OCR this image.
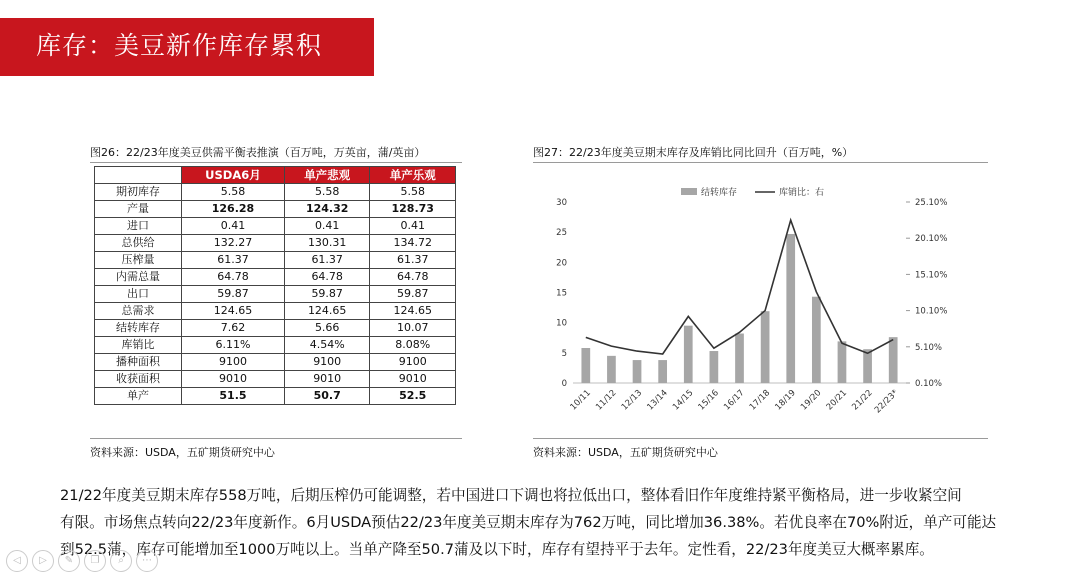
库存：美豆新作库存累积
图26：22/23年度美豆供需平衡表推演（百万吨，万英亩，蒲/英亩）
	USDA6月	单产悲观	单产乐观
期初库存	5.58	5.58	5.58
产量	126.28	124.32	128.73
进口	0.41	0.41	0.41
总供给	132.27	130.31	134.72
压榨量	61.37	61.37	61.37
内需总量	64.78	64.78	64.78
出口	59.87	59.87	59.87
总需求	124.65	124.65	124.65
结转库存	7.62	5.66	10.07
库销比	6.11%	4.54%	8.08%
播种面积	9100	9100	9100
收获面积	9010	9010	9010
单产	51.5	50.7	52.5
资料来源：USDA，五矿期货研究中心
图27：22/23年度美豆期末库存及库销比同比回升（百万吨，%）
0
5
10
15
20
25
30
0.10%
5.10%
10.10%
15.10%
20.10%
25.10%
10/11 11/12 12/13 13/14 14/15 15/16 16/17 17/18 18/19 19/20 20/21 21/22
22/23*
结转库存	库销比：右
资料来源：USDA，五矿期货研究中心
21/22年度美豆期末库存558万吨，后期压榨仍可能调整，若中国进口下调也将拉低出口，整体看旧作年度维持紧平衡格局，进一步收紧空间
有限。市场焦点转向22/23年度新作。6月USDA预估22/23年度美豆期末库存为762万吨，同比增加36.38%。若优良率在70%附近，单产可能达
到52.5蒲，库存可能增加至1000万吨以上。当单产降至50.7蒲及以下时，库存有望持平于去年。定性看，22/23年度美豆大概率累库。
◁	▷	✎	❐	⌕	⋯
